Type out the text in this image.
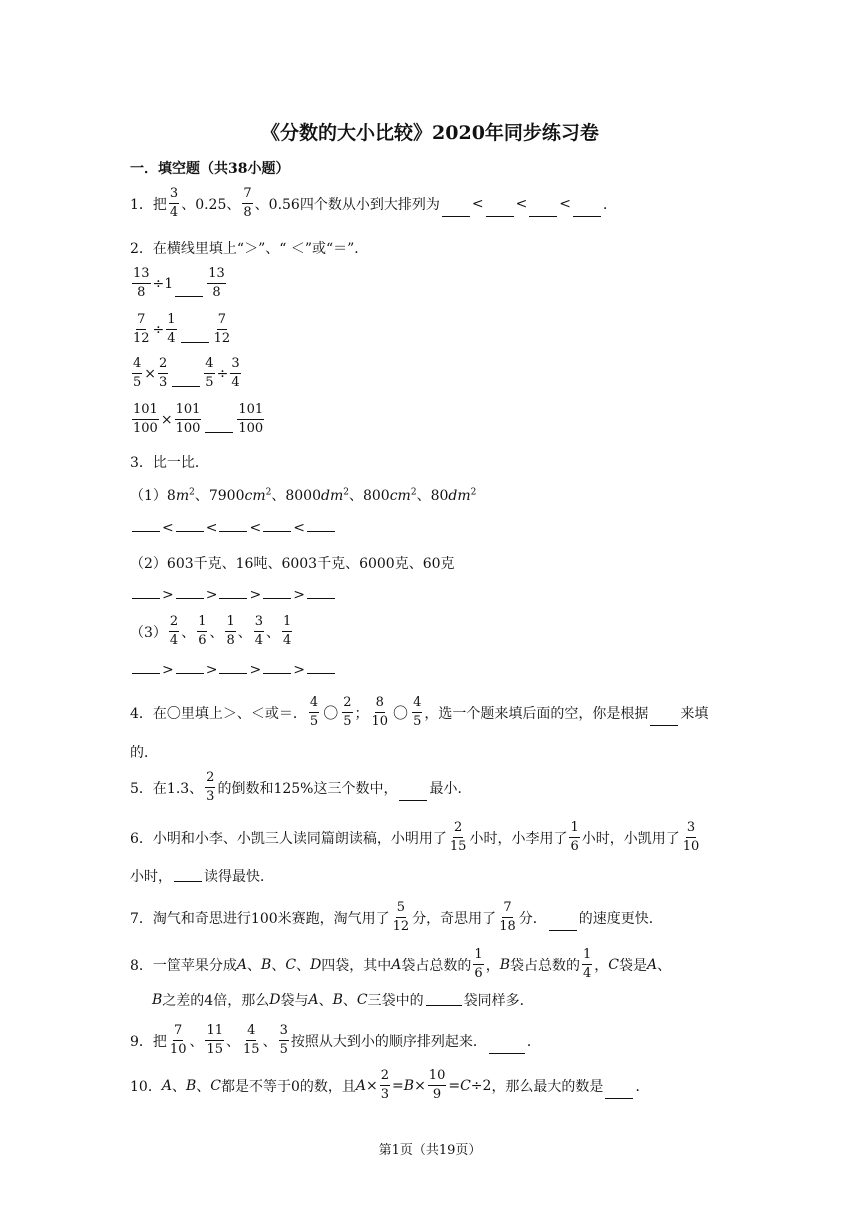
《分数的大小比较》2020年同步练习卷
一．填空题（共38小题）
1．把 $\frac{3}{4}$ 、0.25、 $\frac{7}{8}$ 、0.56四个数从小到大排列为 < < < ．
2．在横线里填上“＞”、“ ＜”或“＝”．
$\frac{13}{8} \div 1$	$\frac{13}{8}$
$\frac{7}{12} \div \frac{1}{4}$	$\frac{7}{12}$
$\frac{4}{5} \times \frac{2}{3}$	$\frac{4}{5} \div \frac{3}{4}$
$\frac{101}{100} \times \frac{101}{100}$	$\frac{101}{100}$
3．比一比．
$(1)8m^2$、$7900cm^2$、$8000dm^2$、$800cm^2$、$80dm^2$
< < < <
（2）603千克、16吨、6003千克、6000克、60克
> > > >
$(3) \frac{2}{4}$ 、 $\frac{1}{6}$ 、 $\frac{1}{8}$ 、 $\frac{3}{4}$ 、 $\frac{1}{4}$
> > > >
4．在〇里填上＞、＜或＝． $\frac{4}{5}$ 〇 $\frac{2}{5}$ ； $\frac{8}{10}$ 〇 $\frac{4}{5}$ ，选一个题来填后面的空，你是根据 来填
的．
5．在1.3、 $\frac{2}{3}$ 的倒数和125%这三个数中， 最小．
6．小明和小李、小凯三人读同篇朗读稿，小明用了 $\frac{2}{15}$ 小时，小李用了 $\frac{1}{6}$ 小时，小凯用了 $\frac{3}{10}$
小时， 读得最快．
7．淘气和奇思进行100米赛跑，淘气用了 $\frac{5}{12}$ 分，奇思用了 $\frac{7}{18}$ 分． 的速度更快．
8．一筐苹果分成 A 、 B 、 C 、 D 四袋，其中 A 袋占总数的 $\frac{1}{6}$ ， B 袋占总数的 $\frac{1}{4}$ ， C 袋是 A 、
B 之差的4倍，那么 D 袋与 A 、 B 、 C 三袋中的	袋同样多．
9．把 $\frac{7}{10}$ 、 $\frac{11}{15}$ 、 $\frac{4}{15}$ 、 $\frac{3}{5}$ 按照从大到小的顺序排列起来．	．
10． A 、 B 、 C 都是不等于0的数，且 $A \times \frac{2}{3} = B \times \frac{10}{9} = C \div 2$ ，那么最大的数是 ．
第1页（共19页）
